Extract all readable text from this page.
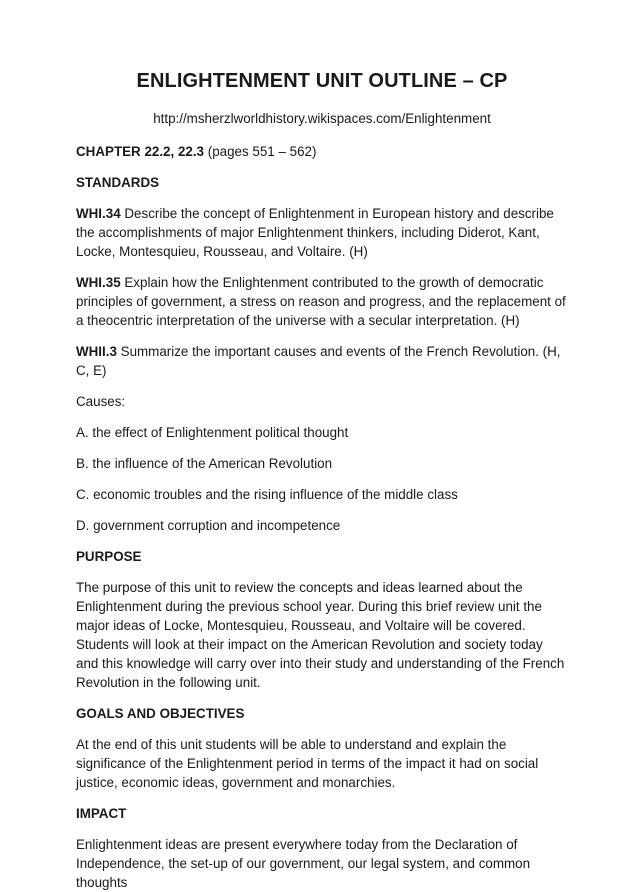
ENLIGHTENMENT UNIT OUTLINE – CP
http://msherzlworldhistory.wikispaces.com/Enlightenment
CHAPTER 22.2, 22.3 (pages 551 – 562)
STANDARDS
WHI.34 Describe the concept of Enlightenment in European history and describe the accomplishments of major Enlightenment thinkers, including Diderot, Kant, Locke, Montesquieu, Rousseau, and Voltaire. (H)
WHI.35 Explain how the Enlightenment contributed to the growth of democratic principles of government, a stress on reason and progress, and the replacement of a theocentric interpretation of the universe with a secular interpretation. (H)
WHII.3 Summarize the important causes and events of the French Revolution. (H, C, E)
Causes:
A. the effect of Enlightenment political thought
B. the influence of the American Revolution
C. economic troubles and the rising influence of the middle class
D. government corruption and incompetence
PURPOSE
The purpose of this unit to review the concepts and ideas learned about the Enlightenment during the previous school year. During this brief review unit the major ideas of Locke, Montesquieu, Rousseau, and Voltaire will be covered. Students will look at their impact on the American Revolution and society today and this knowledge will carry over into their study and understanding of the French Revolution in the following unit.
GOALS AND OBJECTIVES
At the end of this unit students will be able to understand and explain the significance of the Enlightenment period in terms of the impact it had on social justice, economic ideas, government and monarchies.
IMPACT
Enlightenment ideas are present everywhere today from the Declaration of Independence, the set-up of our government, our legal system, and common thoughts
